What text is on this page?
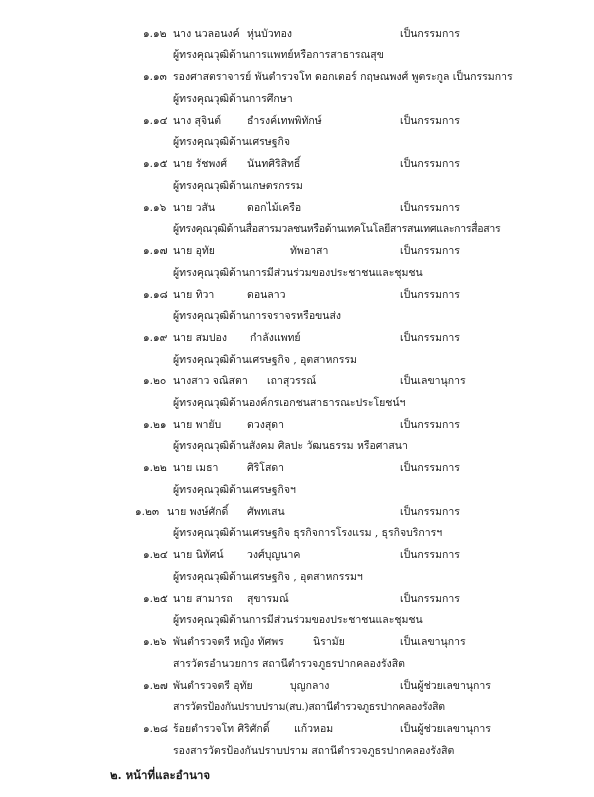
๑.๑๒ นาง นวลอนงค์ หุ่นบัวทอง	เป็นกรรมการ
ผู้ทรงคุณวุฒิด้านการแพทย์หรือการสาธารณสุข
๑.๑๓ รองศาสตราจารย์ พันตำรวจโท ดอกเตอร์ กฤษณพงศ์ พูตระกูล เป็นกรรมการ
ผู้ทรงคุณวุฒิด้านการศึกษา
๑.๑๔ นาง สุจินต์ ธำรงค์เทพพิทักษ์	เป็นกรรมการ
ผู้ทรงคุณวุฒิด้านเศรษฐกิจ
๑.๑๕ นาย รัชพงศ์ นันทศิริสิทธิ์	เป็นกรรมการ
ผู้ทรงคุณวุฒิด้านเกษตรกรรม
๑.๑๖ นาย วสัน	ดอกไม้เครือ	เป็นกรรมการ
ผู้ทรงคุณวุฒิด้านสื่อสารมวลชนหรือด้านเทคโนโลยีสารสนเทศและการสื่อสาร
๑.๑๗ นาย อุทัย	ทัพอาสา	เป็นกรรมการ
ผู้ทรงคุณวุฒิด้านการมีส่วนร่วมของประชาชนและชุมชน
๑.๑๘ นาย ทิวา	ดอนลาว	เป็นกรรมการ
ผู้ทรงคุณวุฒิด้านการจราจรหรือขนส่ง
๑.๑๙ นาย สมปอง กำลังแพทย์	เป็นกรรมการ
ผู้ทรงคุณวุฒิด้านเศรษฐกิจ , อุตสาหกรรม
๑.๒๐ นางสาว จณิสตา เถาสุวรรณ์	เป็นเลขานุการ
ผู้ทรงคุณวุฒิด้านองค์กรเอกชนสาธารณะประโยชน์ฯ
๑.๒๑ นาย พายับ ดวงสุดา	เป็นกรรมการ
ผู้ทรงคุณวุฒิด้านสังคม ศิลปะ วัฒนธรรม หรือศาสนา
๑.๒๒ นาย เมธา	ศิริโสดา	เป็นกรรมการ
ผู้ทรงคุณวุฒิด้านเศรษฐกิจฯ
๑.๒๓ นาย พงษ์ศักดิ์ ศัพทเสน	เป็นกรรมการ
ผู้ทรงคุณวุฒิด้านเศรษฐกิจ ธุรกิจการโรงแรม , ธุรกิจบริการฯ
๑.๒๔ นาย นิทัศน์ วงศ์บุญนาค	เป็นกรรมการ
ผู้ทรงคุณวุฒิด้านเศรษฐกิจ , อุตสาหกรรมฯ
๑.๒๕ นาย สามารถ สุขารมณ์	เป็นกรรมการ
ผู้ทรงคุณวุฒิด้านการมีส่วนร่วมของประชาชนและชุมชน
๑.๒๖ พันตำรวจตรี หญิง ทัศพร	นิรามัย	เป็นเลขานุการ
สารวัตรอำนวยการ สถานีตำรวจภูธรปากคลองรังสิต
๑.๒๗ พันตำรวจตรี อุทัย	บุญกลาง	เป็นผู้ช่วยเลขานุการ
สารวัตรป้องกันปราบปราม(สบ.)สถานีตำรวจภูธรปากคลองรังสิต
๑.๒๘ ร้อยตำรวจโท ศิริศักดิ์ แก้วหอม	เป็นผู้ช่วยเลขานุการ
รองสารวัตรป้องกันปราบปราม สถานีตำรวจภูธรปากคลองรังสิต
๒. หน้าที่และอำนาจ
